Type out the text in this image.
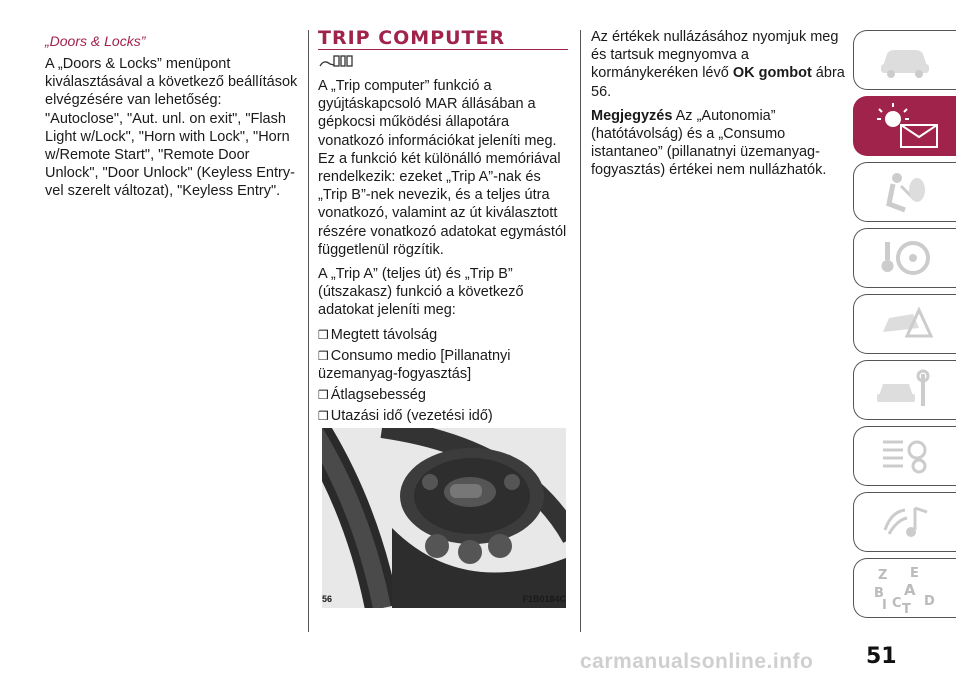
„Doors & Locks”

A „Doors & Locks” menüpont kiválasztásával a következő beállítások elvégzésére van lehetőség: "Autoclose", "Aut. unl. on exit", "Flash Light w/Lock", "Horn with Lock", "Horn w/Remote Start", "Remote Door Unlock", "Door Unlock" (Keyless Entry-vel szerelt változat), "Keyless Entry".

TRIP COMPUTER

A „Trip computer” funkció a gyújtáskapcsoló MAR állásában a gépkocsi működési állapotára vonatkozó információkat jeleníti meg. Ez a funkció két különálló memóriával rendelkezik: ezeket „Trip A”-nak és „Trip B”-nek nevezik, és a teljes útra vonatkozó, valamint az út kiválasztott részére vonatkozó adatokat egymástól függetlenül rögzítik.

A „Trip A” (teljes út) és „Trip B” (útszakasz) funkció a következő adatokat jeleníti meg:

❒ Megtett távolság
❒ Consumo medio [Pillanatnyi üzemanyag-fogyasztás]
❒ Átlagsebesség
❒ Utazási idő (vezetési idő)
56	F1B0184C

Az értékek nullázásához nyomjuk meg és tartsuk megnyomva a kormánykeréken lévő OK gombot ábra 56.

Megjegyzés Az „Autonomia” (hatótávolság) és a „Consumo istantaneo” (pillanatnyi üzemanyag-fogyasztás) értékei nem nullázhatók.

Z E
A
B
C
I T
D
51
carmanualsonline.info
